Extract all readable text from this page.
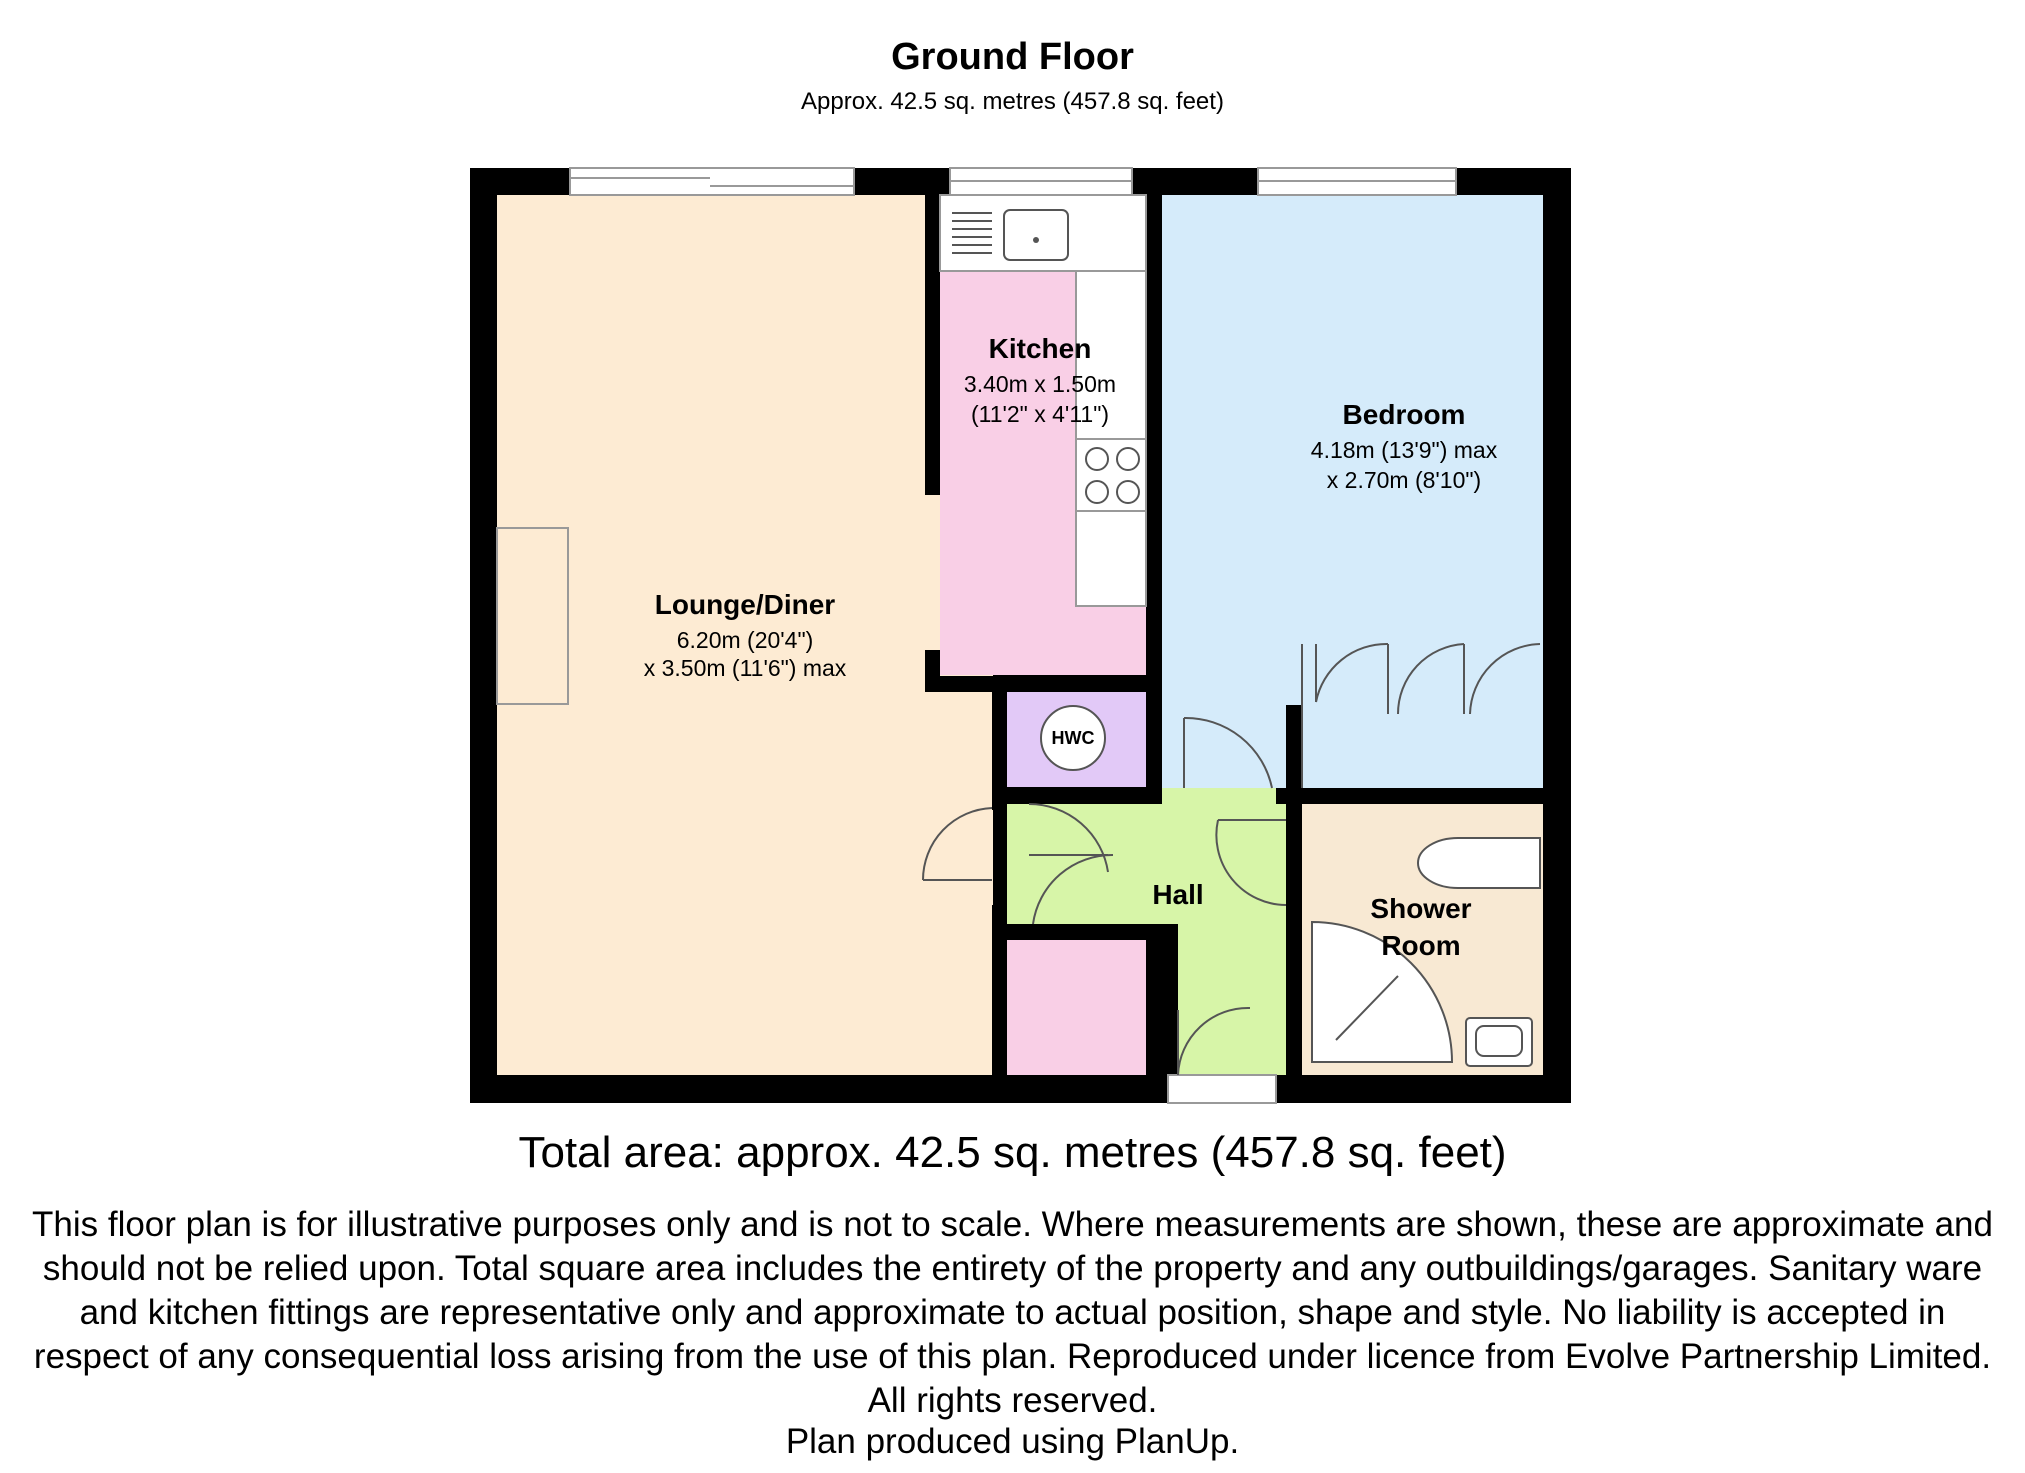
Ground Floor
Approx. 42.5 sq. metres (457.8 sq. feet)
Lounge/Diner
6.20m (20'4")
x 3.50m (11'6") max
Kitchen
3.40m x 1.50m
(11'2" x 4'11")	Bedroom
4.18m (13'9") max
x 2.70m (8'10")
HWC
Hall	Shower
Room
Total area: approx. 42.5 sq. metres (457.8 sq. feet)
This floor plan is for illustrative purposes only and is not to scale. Where measurements are shown, these are approximate and should not be relied upon. Total square area includes the entirety of the property and any outbuildings/garages. Sanitary ware and kitchen fittings are representative only and approximate to actual position, shape and style. No liability is accepted in respect of any consequential loss arising from the use of this plan. Reproduced under licence from Evolve Partnership Limited. All rights reserved.
Plan produced using PlanUp.
